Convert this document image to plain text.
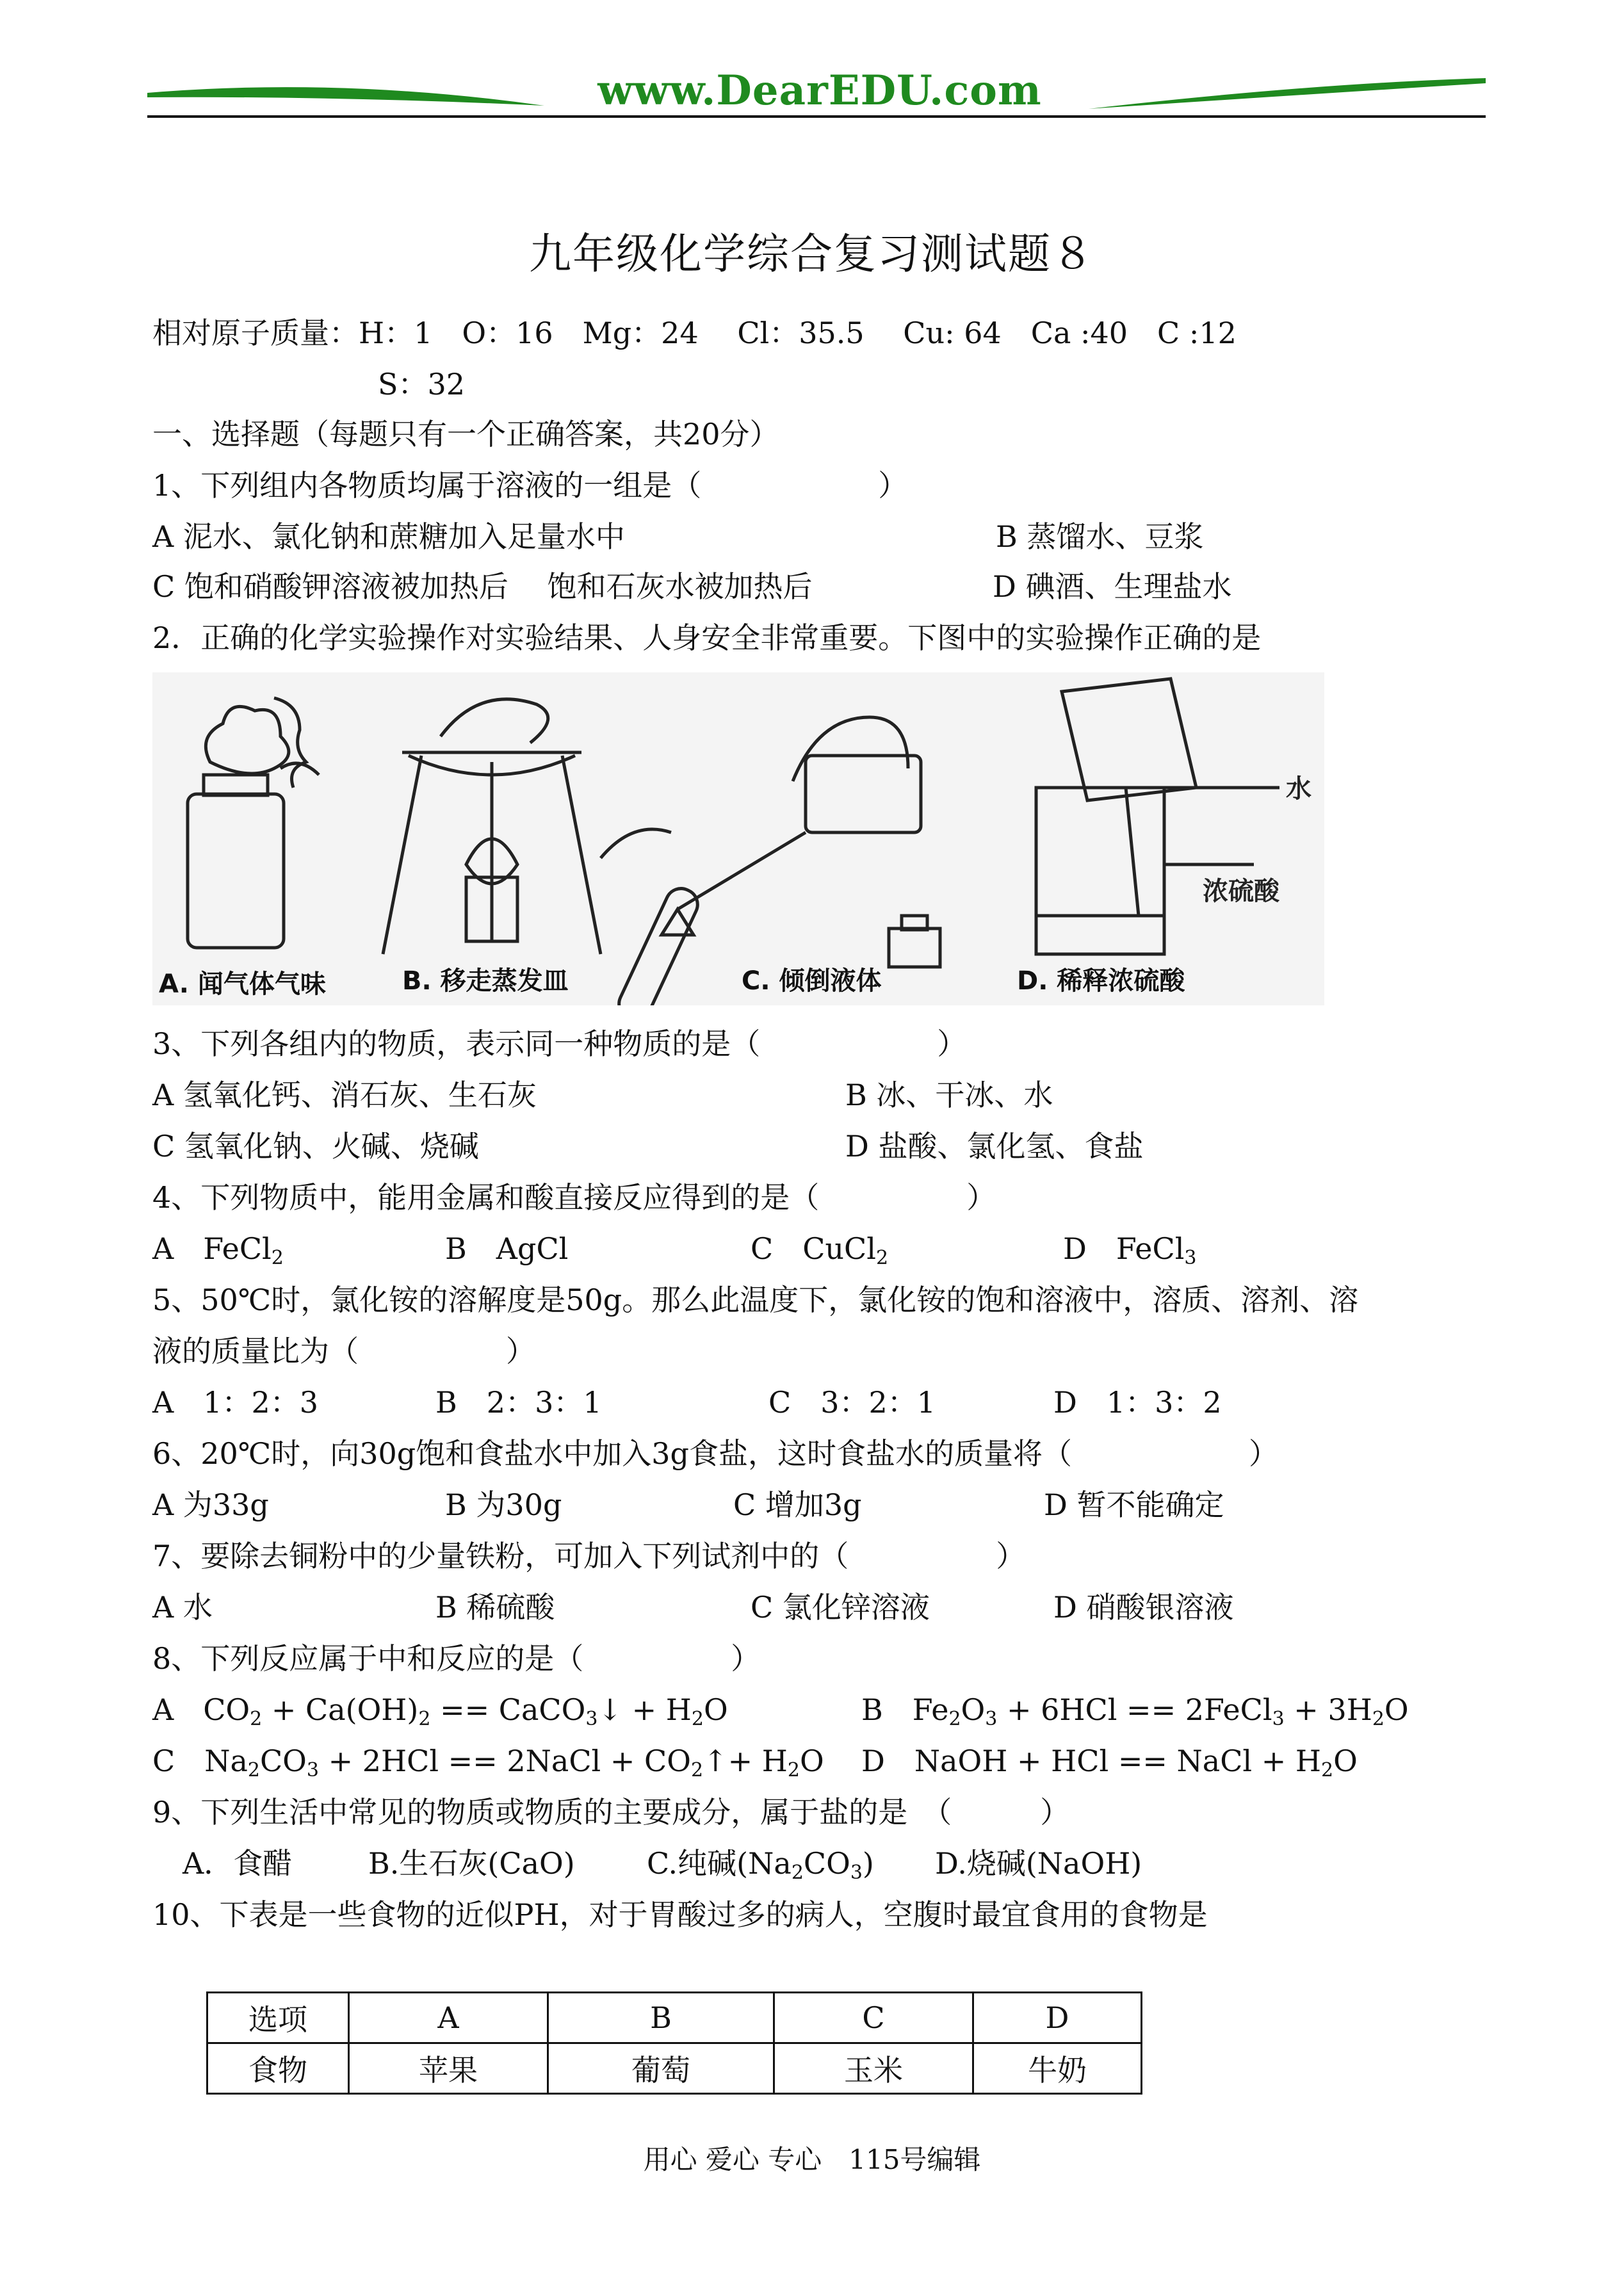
www.DearEDU.com
九年级化学综合复习测试题８
相对原子质量：H：1　O：16　Mg：24　 Cl：35.5　 Cu: 64　Ca :40　C :12
S：32
一、选择题（每题只有一个正确答案，共20分）
1、下列组内各物质均属于溶液的一组是（　　　　　　）
A 泥水、氯化钠和蔗糖加入足量水中	B 蒸馏水、豆浆
C 饱和硝酸钾溶液被加热后　 饱和石灰水被加热后	D 碘酒、生理盐水
2．正确的化学实验操作对实验结果、人身安全非常重要。下图中的实验操作正确的是
水
浓硫酸
A. 闻气体气味	B. 移走蒸发皿	C. 倾倒液体	D. 稀释浓硫酸
3、下列各组内的物质，表示同一种物质的是（　　　　　　）
A 氢氧化钙、消石灰、生石灰	B 冰、干冰、水
C 氢氧化钠、火碱、烧碱	D 盐酸、氯化氢、食盐
4、下列物质中，能用金属和酸直接反应得到的是（　　　　　）
A　FeCl$_2$	B　AgCl	C　CuCl$_2$	D　FeCl$_3$
5、50℃时，氯化铵的溶解度是50g。那么此温度下，氯化铵的饱和溶液中，溶质、溶剂、溶
液的质量比为（　　　　　）
A　1：2：3	B　2：3：1	C　3：2：1	D　1：3：2
6、20℃时，向30g饱和食盐水中加入3g食盐，这时食盐水的质量将（　　　　　　）
A 为33g	B 为30g	C 增加3g	D 暂不能确定
7、要除去铜粉中的少量铁粉，可加入下列试剂中的（　　　　　）
A 水	B 稀硫酸	C 氯化锌溶液	D 硝酸银溶液
8、下列反应属于中和反应的是（　　　　　）
A　$CO_2 + Ca(OH)_2$ == CaCO$_3$↓ + $H_2O$	B　$Fe_2O_3 + 6HCl$ == 2FeCl$_3$ + $3H_2O$
C　$Na_2CO_3 + 2HCl$ == 2NaCl + $CO_2↑+ H_2O$ D　NaOH + HCl == NaCl + $H_2O$
9、下列生活中常见的物质或物质的主要成分，属于盐的是　（　　　）
A．食醋	B.生石灰(CaO) C.纯碱$(Na_2CO_3)$ D.烧碱(NaOH)
10、下表是一些食物的近似PH，对于胃酸过多的病人，空腹时最宜食用的食物是
选项	A	B	C	D
食物	苹果	葡萄	玉米	牛奶
用心 爱心 专心　115号编辑
